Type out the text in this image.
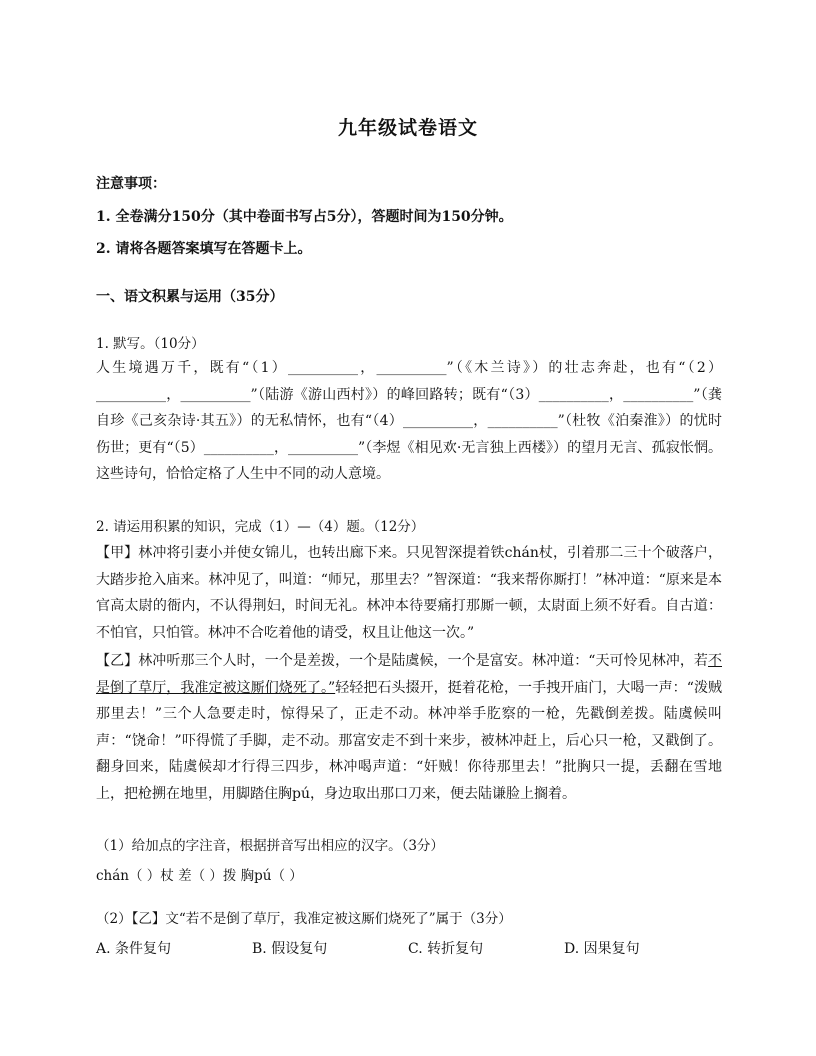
九年级试卷语文
注意事项：
1. 全卷满分150分（其中卷面书写占5分），答题时间为150分钟。
2. 请将各题答案填写在答题卡上。
一、语文积累与运用（35分）
1. 默写。（10分）
人生境遇万千，既有“（1）__________，__________”（《木兰诗》）的壮志奔赴，也有“（2）__________，__________”（陆游《游山西村》）的峰回路转；既有“（3）__________，__________”（龚自珍《己亥杂诗·其五》）的无私情怀，也有“（4）__________，__________”（杜牧《泊秦淮》）的忧时伤世；更有“（5）__________，__________”（李煜《相见欢·无言独上西楼》）的望月无言、孤寂怅惘。这些诗句，恰恰定格了人生中不同的动人意境。
2. 请运用积累的知识，完成（1）—（4）题。（12分）
【甲】林冲将引妻小并使女锦儿，也转出廊下来。只见智深提着铁chán杖，引着那二三十个破落户，大踏步抢入庙来。林冲见了，叫道：“师兄，那里去？”智深道：“我来帮你厮打！”林冲道：“原来是本官高太尉的衙内，不认得荆妇，时间无礼。林冲本待要痛打那厮一顿，太尉面上须不好看。自古道：不怕官，只怕管。林冲不合吃着他的请受，权且让他这一次。”
【乙】林冲听那三个人时，一个是差拨，一个是陆虞候，一个是富安。林冲道：“天可怜见林冲，若不是倒了草厅，我准定被这厮们烧死了。”轻轻把石头掇开，挺着花枪，一手拽开庙门，大喝一声：“泼贼那里去！”三个人急要走时，惊得呆了，正走不动。林冲举手肐察的一枪，先戳倒差拨。陆虞候叫声：“饶命！”吓得慌了手脚，走不动。那富安走不到十来步，被林冲赶上，后心只一枪，又戳倒了。翻身回来，陆虞候却才行得三四步，林冲喝声道：“奸贼！你待那里去！”批胸只一提，丢翻在雪地上，把枪搠在地里，用脚踏住胸pú，身边取出那口刀来，便去陆谦脸上搁着。
（1）给加点的字注音，根据拼音写出相应的汉字。（3分）
chán（ ）杖 差（ ）拨 胸pú（ ）
（2）【乙】文“若不是倒了草厅，我准定被这厮们烧死了”属于（3分）
A. 条件复句	B. 假设复句	C. 转折复句	D. 因果复句
